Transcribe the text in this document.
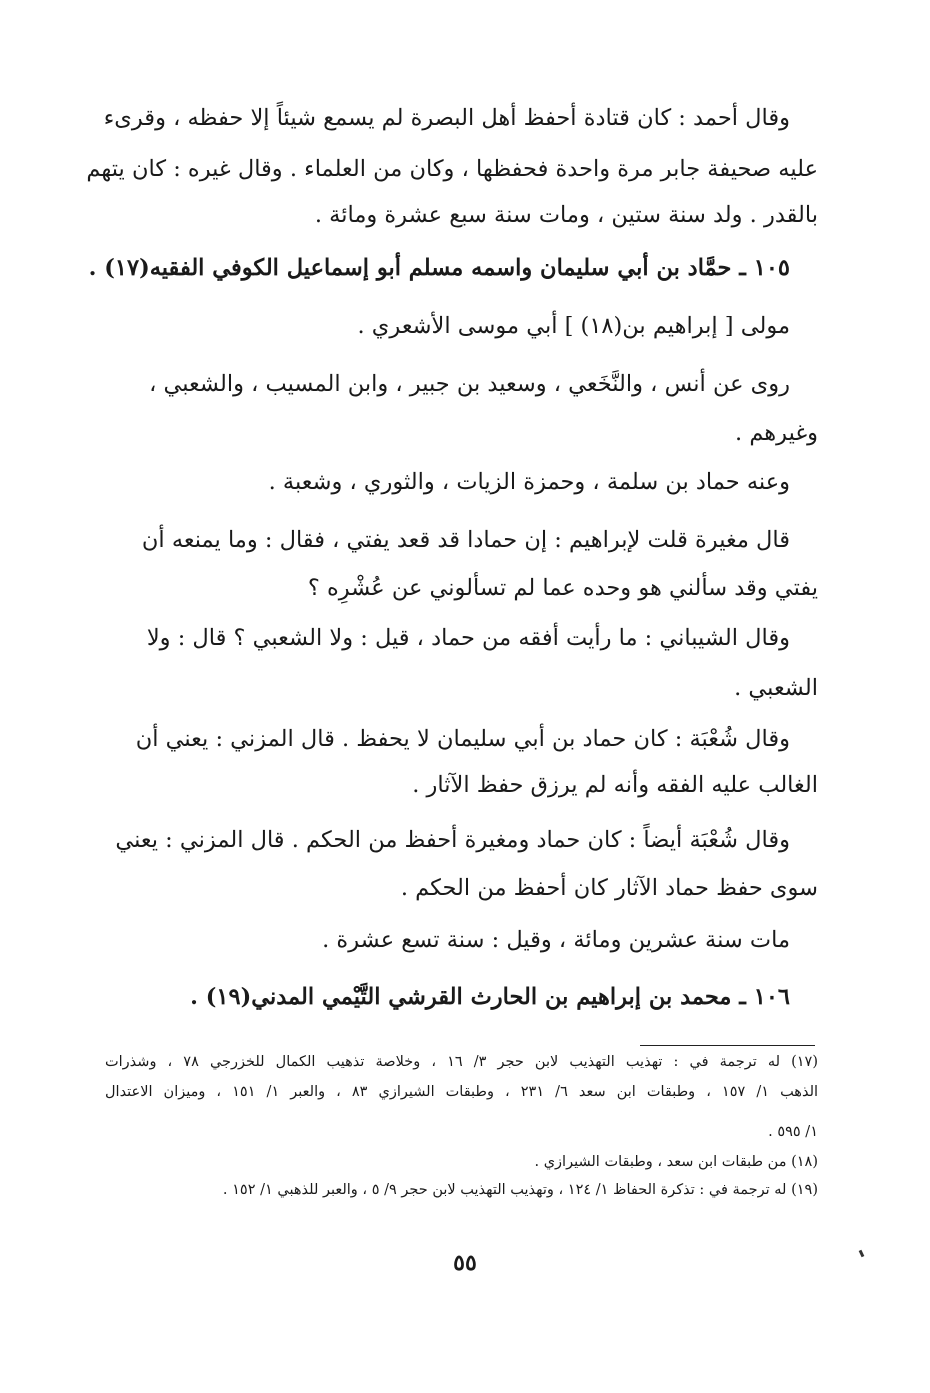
وقال أحمد : كان قتادة أحفظ أهل البصرة لم يسمع شيئاً إلا حفظه ، وقرىء
عليه صحيفة جابر مرة واحدة فحفظها ، وكان من العلماء . وقال غيره : كان يتهم
بالقدر . ولد سنة ستين ، ومات سنة سبع عشرة ومائة .
١٠٥ ـ حمَّاد بن أبي سليمان واسمه مسلم أبو إسماعيل الكوفي الفقيه(١٧) .
مولى [ إبراهيم بن(١٨) ] أبي موسى الأشعري .
روى عن أنس ، والنَّخَعي ، وسعيد بن جبير ، وابن المسيب ، والشعبي ،
وغيرهم .
وعنه حماد بن سلمة ، وحمزة الزيات ، والثوري ، وشعبة .
قال مغيرة قلت لإبراهيم : إن حمادا قد قعد يفتي ، فقال : وما يمنعه أن
يفتي وقد سألني هو وحده عما لم تسألوني عن عُشْرِه ؟
وقال الشيباني : ما رأيت أفقه من حماد ، قيل : ولا الشعبي ؟ قال : ولا
الشعبي .
وقال شُعْبَة : كان حماد بن أبي سليمان لا يحفظ . قال المزني : يعني أن
الغالب عليه الفقه وأنه لم يرزق حفظ الآثار .
وقال شُعْبَة أيضاً : كان حماد ومغيرة أحفظ من الحكم . قال المزني : يعني
سوى حفظ حماد الآثار كان أحفظ من الحكم .
مات سنة عشرين ومائة ، وقيل : سنة تسع عشرة .
١٠٦ ـ محمد بن إبراهيم بن الحارث القرشي التَّيْمي المدني(١٩) .
(١٧) له ترجمة في : تهذيب التهذيب لابن حجر ٣/ ١٦ ، وخلاصة تذهيب الكمال للخزرجي ٧٨ ، وشذرات
الذهب ١/ ١٥٧ ، وطبقات ابن سعد ٦/ ٢٣١ ، وطبقات الشيرازي ٨٣ ، والعبر ١/ ١٥١ ، وميزان الاعتدال
١/ ٥٩٥ .
(١٨) من طبقات ابن سعد ، وطبقات الشيرازي .
(١٩) له ترجمة في : تذكرة الحفاظ ١/ ١٢٤ ، وتهذيب التهذيب لابن حجر ٩/ ٥ ، والعبر للذهبي ١/ ١٥٢ .
٥٥
